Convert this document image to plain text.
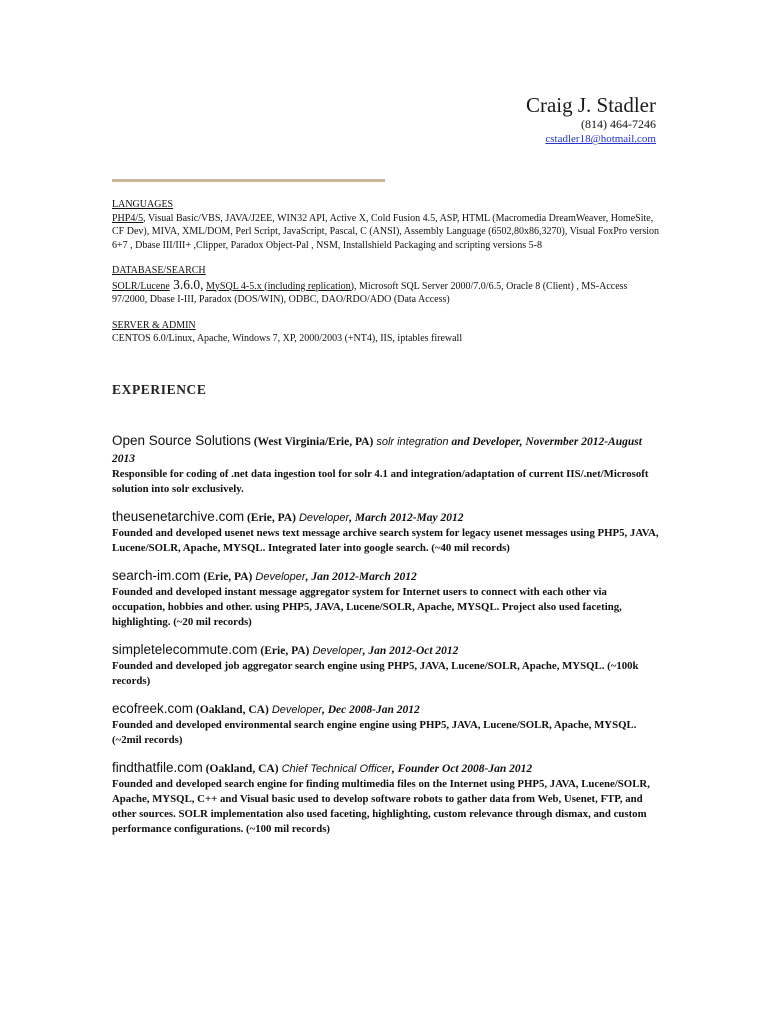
Craig J. Stadler
(814) 464-7246
cstadler18@hotmail.com
LANGUAGES
PHP4/5, Visual Basic/VBS, JAVA/J2EE, WIN32 API, Active X, Cold Fusion 4.5, ASP, HTML (Macromedia DreamWeaver, HomeSite, CF Dev), MIVA, XML/DOM, Perl Script, JavaScript, Pascal, C (ANSI), Assembly Language (6502,80x86,3270), Visual FoxPro version 6+7 , Dbase III/III+ ,Clipper, Paradox Object-Pal , NSM, Installshield Packaging and scripting versions 5-8
DATABASE/SEARCH
SOLR/Lucene 3.6.0, MySQL 4-5.x (including replication), Microsoft SQL Server 2000/7.0/6.5, Oracle 8 (Client) , MS-Access 97/2000, Dbase I-III, Paradox (DOS/WIN), ODBC, DAO/RDO/ADO (Data Access)
SERVER & ADMIN
CENTOS 6.0/Linux, Apache, Windows 7, XP, 2000/2003 (+NT4), IIS, iptables firewall
EXPERIENCE
Open Source Solutions (West Virginia/Erie, PA) solr integration and Developer, Novermber 2012-August 2013
Responsible for coding of .net data ingestion tool for solr 4.1 and integration/adaptation of current IIS/.net/Microsoft solution into solr exclusively.
theusenetarchive.com (Erie, PA) Developer, March 2012-May 2012
Founded and developed usenet news text message archive search system for legacy usenet messages using PHP5, JAVA, Lucene/SOLR, Apache, MYSQL. Integrated later into google search. (~40 mil records)
search-im.com (Erie, PA) Developer, Jan 2012-March 2012
Founded and developed instant message aggregator system for Internet users to connect with each other via occupation, hobbies and other. using PHP5, JAVA, Lucene/SOLR, Apache, MYSQL. Project also used faceting, highlighting. (~20 mil records)
simpletelecommute.com (Erie, PA) Developer, Jan 2012-Oct 2012
Founded and developed job aggregator search engine using PHP5, JAVA, Lucene/SOLR, Apache, MYSQL. (~100k records)
ecofreek.com (Oakland, CA) Developer, Dec 2008-Jan 2012
Founded and developed environmental search engine engine using PHP5, JAVA, Lucene/SOLR, Apache, MYSQL. (~2mil records)
findthatfile.com (Oakland, CA) Chief Technical Officer, Founder Oct 2008-Jan 2012
Founded and developed search engine for finding multimedia files on the Internet using PHP5, JAVA, Lucene/SOLR, Apache, MYSQL, C++ and Visual basic used to develop software robots to gather data from Web, Usenet, FTP, and other sources. SOLR implementation also used faceting, highlighting, custom relevance through dismax, and custom performance configurations. (~100 mil records)
